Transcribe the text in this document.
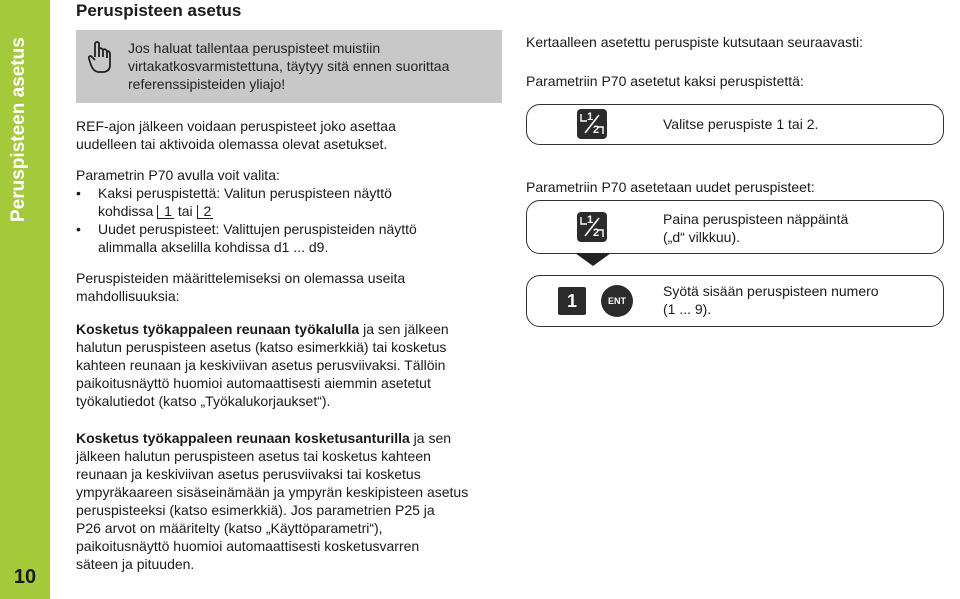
Peruspisteen asetus
10
Peruspisteen asetus
Jos haluat tallentaa peruspisteet muistiin
virtakatkosvarmistettuna, täytyy sitä ennen suorittaa
referenssipisteiden yliajo!
REF-ajon jälkeen voidaan peruspisteet joko asettaa
uudelleen tai aktivoida olemassa olevat asetukset.
Parametrin P70 avulla voit valita:
• Kaksi peruspistettä: Valitun peruspisteen näyttö
kohdissa 1 tai 2
• Uudet peruspisteet: Valittujen peruspisteiden näyttö
alimmalla akselilla kohdissa d1 ... d9.
Peruspisteiden määrittelemiseksi on olemassa useita
mahdollisuuksia:
Kosketus työkappaleen reunaan työkalulla ja sen jälkeen
halutun peruspisteen asetus (katso esimerkkiä) tai kosketus
kahteen reunaan ja keskiviivan asetus perusviivaksi. Tällöin
paikoitusnäyttö huomioi automaattisesti aiemmin asetetut
työkalutiedot (katso „Työkalukorjaukset“).
Kosketus työkappaleen reunaan kosketusanturilla ja sen
jälkeen halutun peruspisteen asetus tai kosketus kahteen
reunaan ja keskiviivan asetus perusviivaksi tai kosketus
ympyräkaareen sisäseinämään ja ympyrän keskipisteen asetus
peruspisteeksi (katso esimerkkiä). Jos parametrien P25 ja
P26 arvot on määritelty (katso „Käyttöparametri“),
paikoitusnäyttö huomioi automaattisesti kosketusvarren
säteen ja pituuden.
Kertaalleen asetettu peruspiste kutsutaan seuraavasti:
Parametriin P70 asetetut kaksi peruspistettä:
1
2	Valitse peruspiste 1 tai 2.
Parametriin P70 asetetaan uudet peruspisteet:
1
2
Paina peruspisteen näppäintä
(„d“ vilkkuu).
1	ENT
Syötä sisään peruspisteen numero
(1 ... 9).
